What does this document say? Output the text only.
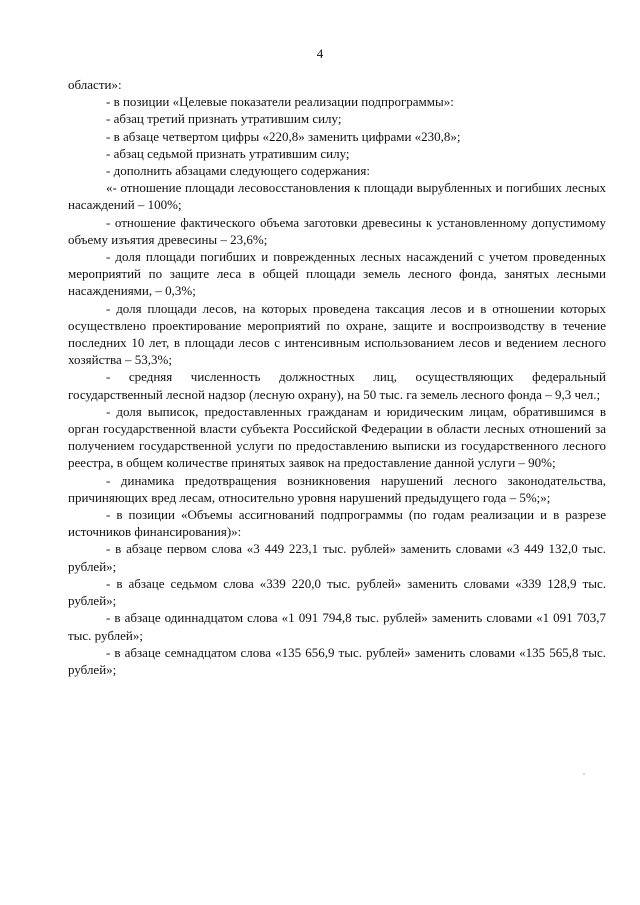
4

области»:

- в позиции «Целевые показатели реализации подпрограммы»:

- абзац третий признать утратившим силу;

- в абзаце четвертом цифры «220,8» заменить цифрами «230,8»;

- абзац седьмой признать утратившим силу;

- дополнить абзацами следующего содержания:

«- отношение площади лесовосстановления к площади вырубленных и погибших лесных насаждений – 100%;

- отношение фактического объема заготовки древесины к установленному допустимому объему изъятия древесины – 23,6%;

- доля площади погибших и поврежденных лесных насаждений с учетом проведенных мероприятий по защите леса в общей площади земель лесного фонда, занятых лесными насаждениями, – 0,3%;

- доля площади лесов, на которых проведена таксация лесов и в отношении которых осуществлено проектирование мероприятий по охране, защите и воспроизводству в течение последних 10 лет, в площади лесов с интенсивным использованием лесов и ведением лесного хозяйства – 53,3%;

- средняя численность должностных лиц, осуществляющих федеральный государственный лесной надзор (лесную охрану), на 50 тыс. га земель лесного фонда – 9,3 чел.;

- доля выписок, предоставленных гражданам и юридическим лицам, обратившимся в орган государственной власти субъекта Российской Федерации в области лесных отношений за получением государственной услуги по предоставлению выписки из государственного лесного реестра, в общем количестве принятых заявок на предоставление данной услуги – 90%;

- динамика предотвращения возникновения нарушений лесного законодательства, причиняющих вред лесам, относительно уровня нарушений предыдущего года – 5%;»;

- в позиции «Объемы ассигнований подпрограммы (по годам реализации и в разрезе источников финансирования)»:

- в абзаце первом слова «3 449 223,1 тыс. рублей» заменить словами «3 449 132,0 тыс. рублей»;

- в абзаце седьмом слова «339 220,0 тыс. рублей» заменить словами «339 128,9 тыс. рублей»;

- в абзаце одиннадцатом слова «1 091 794,8 тыс. рублей» заменить словами «1 091 703,7 тыс. рублей»;

- в абзаце семнадцатом слова «135 656,9 тыс. рублей» заменить словами «135 565,8 тыс. рублей»;
